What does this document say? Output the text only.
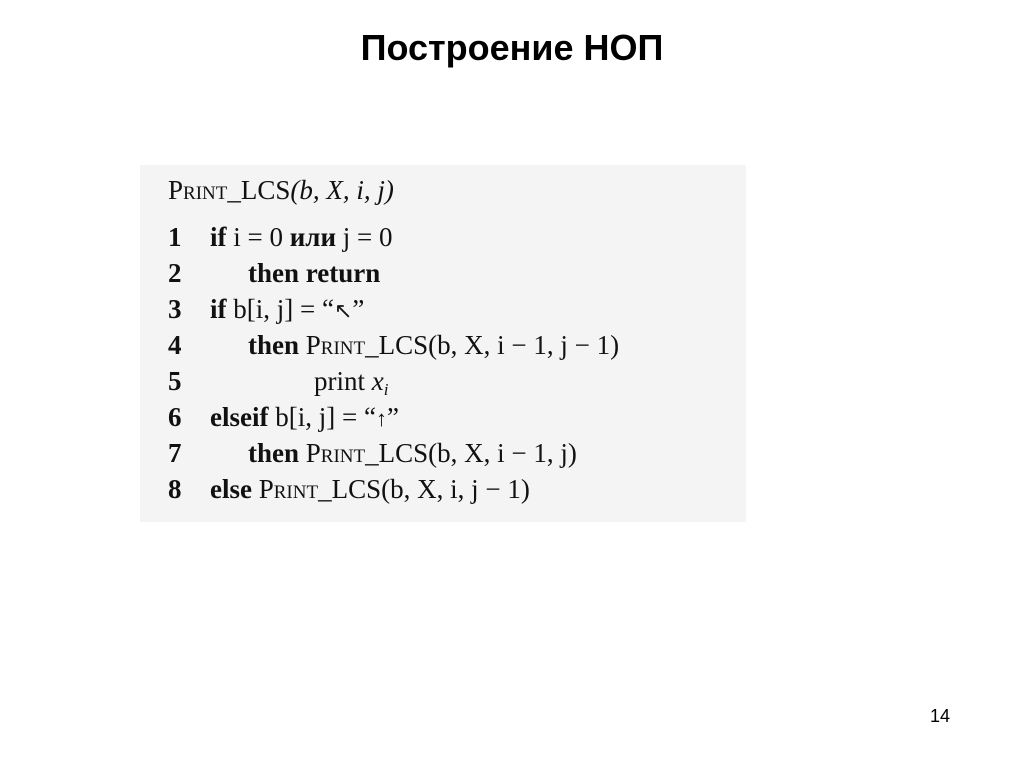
Построение НОП
Print_LCS(b, X, i, j)
1 if i = 0 или j = 0
2 then return
3 if b[i, j] = “↖”
4 then Print_LCS(b, X, i − 1, j − 1)
5	print $x_i$
6 elseif b[i, j] = “↑”
7 then Print_LCS(b, X, i − 1, j)
8 else Print_LCS(b, X, i, j − 1)
14
